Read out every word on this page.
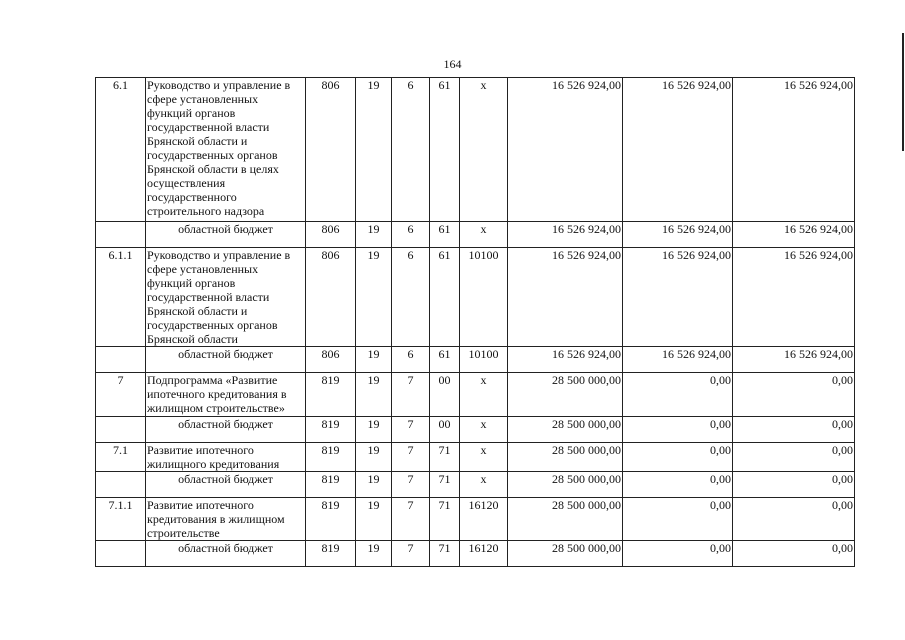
164
6.1	Руководство и управление в сфере установленных функций органов государственной власти Брянской области и государственных органов Брянской области в целях осуществления государственного строительного надзора	806	19	6	61	х	16 526 924,00	16 526 924,00	16 526 924,00
	областной бюджет	806	19	6	61	х	16 526 924,00	16 526 924,00	16 526 924,00
6.1.1	Руководство и управление в сфере установленных функций органов государственной власти Брянской области и государственных органов Брянской области	806	19	6	61	10100	16 526 924,00	16 526 924,00	16 526 924,00
	областной бюджет	806	19	6	61	10100	16 526 924,00	16 526 924,00	16 526 924,00
7	Подпрограмма «Развитие ипотечного кредитования в жилищном строительстве»	819	19	7	00	х	28 500 000,00	0,00	0,00
	областной бюджет	819	19	7	00	х	28 500 000,00	0,00	0,00
7.1	Развитие ипотечного жилищного кредитования	819	19	7	71	х	28 500 000,00	0,00	0,00
	областной бюджет	819	19	7	71	х	28 500 000,00	0,00	0,00
7.1.1	Развитие ипотечного кредитования в жилищном строительстве	819	19	7	71	16120	28 500 000,00	0,00	0,00
	областной бюджет	819	19	7	71	16120	28 500 000,00	0,00	0,00
